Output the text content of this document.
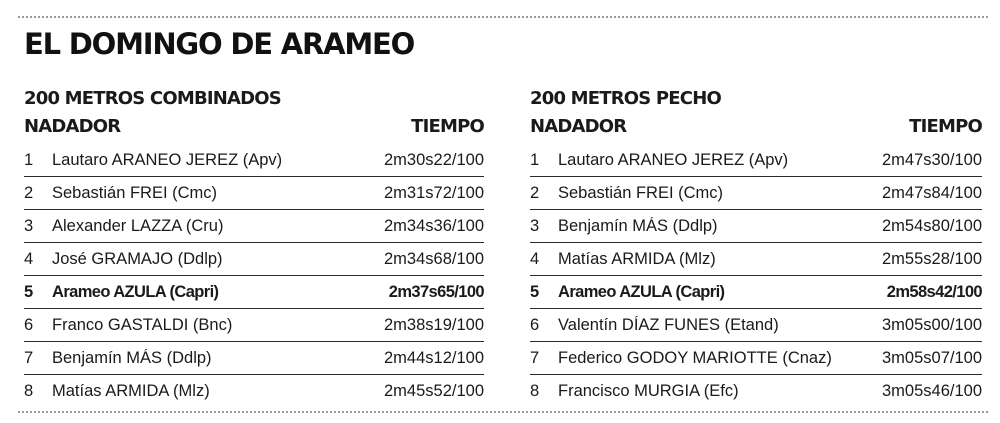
EL DOMINGO DE ARAMEO
200 METROS COMBINADOS
NADADOR	TIEMPO
1	Lautaro ARANEO JEREZ (Apv)	2m30s22/100
2	Sebastián FREI (Cmc)	2m31s72/100
3	Alexander LAZZA (Cru)	2m34s36/100
4	José GRAMAJO (Ddlp)	2m34s68/100
5	Arameo AZULA (Capri)	2m37s65/100
6	Franco GASTALDI (Bnc)	2m38s19/100
7	Benjamín MÁS (Ddlp)	2m44s12/100
8	Matías ARMIDA (Mlz)	2m45s52/100
200 METROS PECHO
NADADOR	TIEMPO
1	Lautaro ARANEO JEREZ (Apv)	2m47s30/100
2	Sebastián FREI (Cmc)	2m47s84/100
3	Benjamín MÁS (Ddlp)	2m54s80/100
4	Matías ARMIDA (Mlz)	2m55s28/100
5	Arameo AZULA (Capri)	2m58s42/100
6	Valentín DÍAZ FUNES (Etand)	3m05s00/100
7	Federico GODOY MARIOTTE (Cnaz)	3m05s07/100
8	Francisco MURGIA (Efc)	3m05s46/100
